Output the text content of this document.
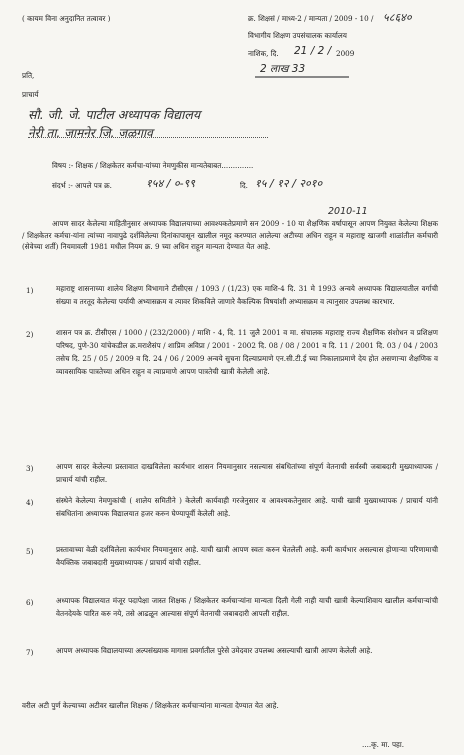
( कायम विना अनुदानित तत्वावर )	क्र. शिक्षसं / माध्य-2 / मान्यता / 2009 - 10 / ५८६४०
विभागीय शिक्षण उपसंचालक कार्यालय
नाशिक, दि. 21 / 2 / 2009
2 लाख 33
प्रति,
प्राचार्य
सौ. जी. जे. पाटील अध्यापक विद्यालय
नेरी ता. जामनेर जि. जळगाव
विषय :- शिक्षक / शिक्षकेतर कर्मचा-यांच्या नेमणुकीस मान्यतेबाबत..............
संदर्भ :- आपले पत्र क्र.	१५४ / ०-९९	दि. १५ / १२ / २०१०
2010-11
आपण सादर केलेल्या माहितीनुसार अध्यापक विद्यालयाच्या आवश्यकतेप्रमाणे सन 2009 - 10 या शैक्षणिक वर्षापासून आपण नियुक्त केलेल्या शिक्षक / शिक्षकेतर कर्मचा-यांना त्यांच्या नावापुढे दर्शविलेल्या दिनांकापासून खालील नमूद करण्यात आलेल्या अटीच्या अधिन राहून व महाराष्ट्र खाजगी शाळांतील कर्मचारी (सेवेच्या शर्ती) नियमावली 1981 मधील नियम क्र. 9 च्या अधिन राहून मान्यता देण्यात येत आहे.
1)	महाराष्ट्र शासनाच्या शालेय शिक्षण विभागाने टीसीएस / 1093 / (1/23) एक माशि-4 दि. 31 मे 1993 अन्वये अध्यापक विद्यालयातील वर्गाची संख्या व तरतूद केलेल्या पर्यायी अभ्यासक्रम व त्यावर शिकविले जाणारे वैकल्पिक विषयांशी अभ्यासक्रम व त्यानुसार उपलब्ध कारभार.
2)	शासन पत्र क्र. टीसीएस / 1000 / (232/2000) / माशि - 4, दि. 11 जुलै 2001 व मा. संचालक महाराष्ट्र राज्य शैक्षणिक संशोधन व प्रशिक्षण परिषद, पुणे-30 यांचेकडील क्र.मराशैसंप / शाप्रिम अविप्रा / 2001 - 2002 दि. 08 / 08 / 2001 व दि. 11 / 2001 दि. 03 / 04 / 2003 तसेच दि. 25 / 05 / 2009 व दि. 24 / 06 / 2009 अन्वये सुचना दिल्याप्रमाणे एन.सी.टी.ई च्या निकालाप्रमाणे देय होत असणाऱ्या शैक्षणिक व व्यावसायिक पात्रतेच्या अधिन राहून व त्याप्रमाणे आपण पात्रतेची खात्री केलेली आहे.
3)	आपण सादर केलेल्या प्रस्तावात दाखविलेला कार्यभार शासन नियमानुसार नसल्यास संबधितांच्या संपूर्ण वेतनाची सर्वस्वी जबाबदारी मुख्याध्यापक / प्राचार्य यांची राहील.
4)	संस्थेने केलेल्या नेमणुकांची ( शालेय समितीने ) केलेली कार्यवाही गरजेनुसार व आवश्यकतेनुसार आहे. याची खात्री मुख्याध्यापक / प्राचार्य यांनी संबधितांना अध्यापक विद्यालयात हजर करुन घेण्यापूर्वी केलेली आहे.
5)	प्रस्तावाच्या वेळी दर्शविलेला कार्यभार नियमानुसार आहे. याची खात्री आपण स्वतः करुन घेतलेली आहे. कमी कार्यभार असल्यास होणाऱ्या परिणामाची वैयक्तिक जबाबदारी मुख्याध्यापक / प्राचार्य यांची राहील.
6)	अध्यापक विद्यालयात मंजूर पदापेक्षा जास्त शिक्षक / शिक्षकेतर कर्मचाऱ्यांना मान्यता दिली गेली नाही याची खात्री केल्याशिवाय खालील कर्मचाऱ्यांची वेतनदेयके पारित करु नये, तसे आढळून आल्यास संपूर्ण वेतनाची जबाबदारी आपली राहील.
7)	आपण अध्यापक विद्यालयाच्या अल्पसंख्याक मागास प्रवर्गातील पुरेसे उमेदवार उपलब्ध असल्याची खात्री आपण केलेली आहे.
वरील अटी पुर्ण केल्याच्या अटीवर खालील शिक्षक / शिक्षकेतर कर्मचाऱ्यांना मान्यता देण्यात येत आहे.
....कृ. मा. पहा.
